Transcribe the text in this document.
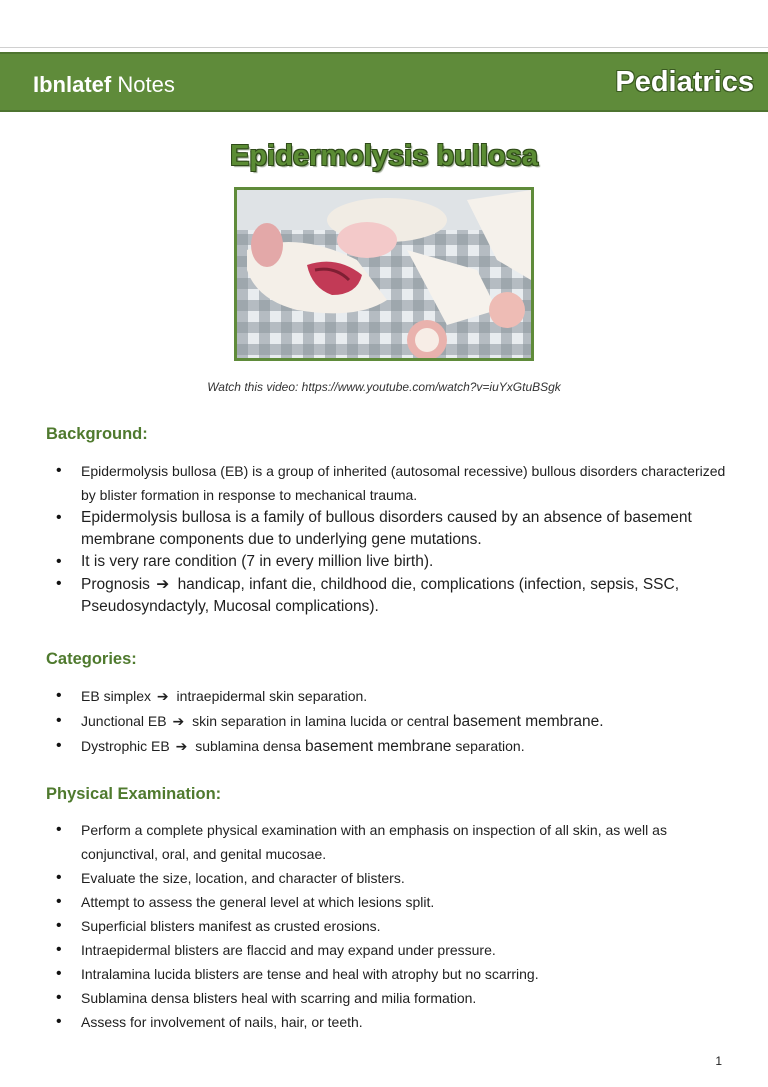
Ibnlatef Notes	Pediatrics
Epidermolysis bullosa
Watch this video: https://www.youtube.com/watch?v=iuYxGtuBSgk
Background:
• Epidermolysis bullosa (EB) is a group of inherited (autosomal recessive) bullous disorders characterized by blister formation in response to mechanical trauma.
• Epidermolysis bullosa is a family of bullous disorders caused by an absence of basement membrane components due to underlying gene mutations.
• It is very rare condition (7 in every million live birth).
• Prognosis ➔ handicap, infant die, childhood die, complications (infection, sepsis, SSC, Pseudosyndactyly, Mucosal complications).
Categories:
• EB simplex ➔ intraepidermal skin separation.
• Junctional EB ➔ skin separation in lamina lucida or central basement membrane.
• Dystrophic EB ➔ sublamina densa basement membrane separation.
Physical Examination:
• Perform a complete physical examination with an emphasis on inspection of all skin, as well as conjunctival, oral, and genital mucosae.
• Evaluate the size, location, and character of blisters.
• Attempt to assess the general level at which lesions split.
• Superficial blisters manifest as crusted erosions.
• Intraepidermal blisters are flaccid and may expand under pressure.
• Intralamina lucida blisters are tense and heal with atrophy but no scarring.
• Sublamina densa blisters heal with scarring and milia formation.
• Assess for involvement of nails, hair, or teeth.
1
